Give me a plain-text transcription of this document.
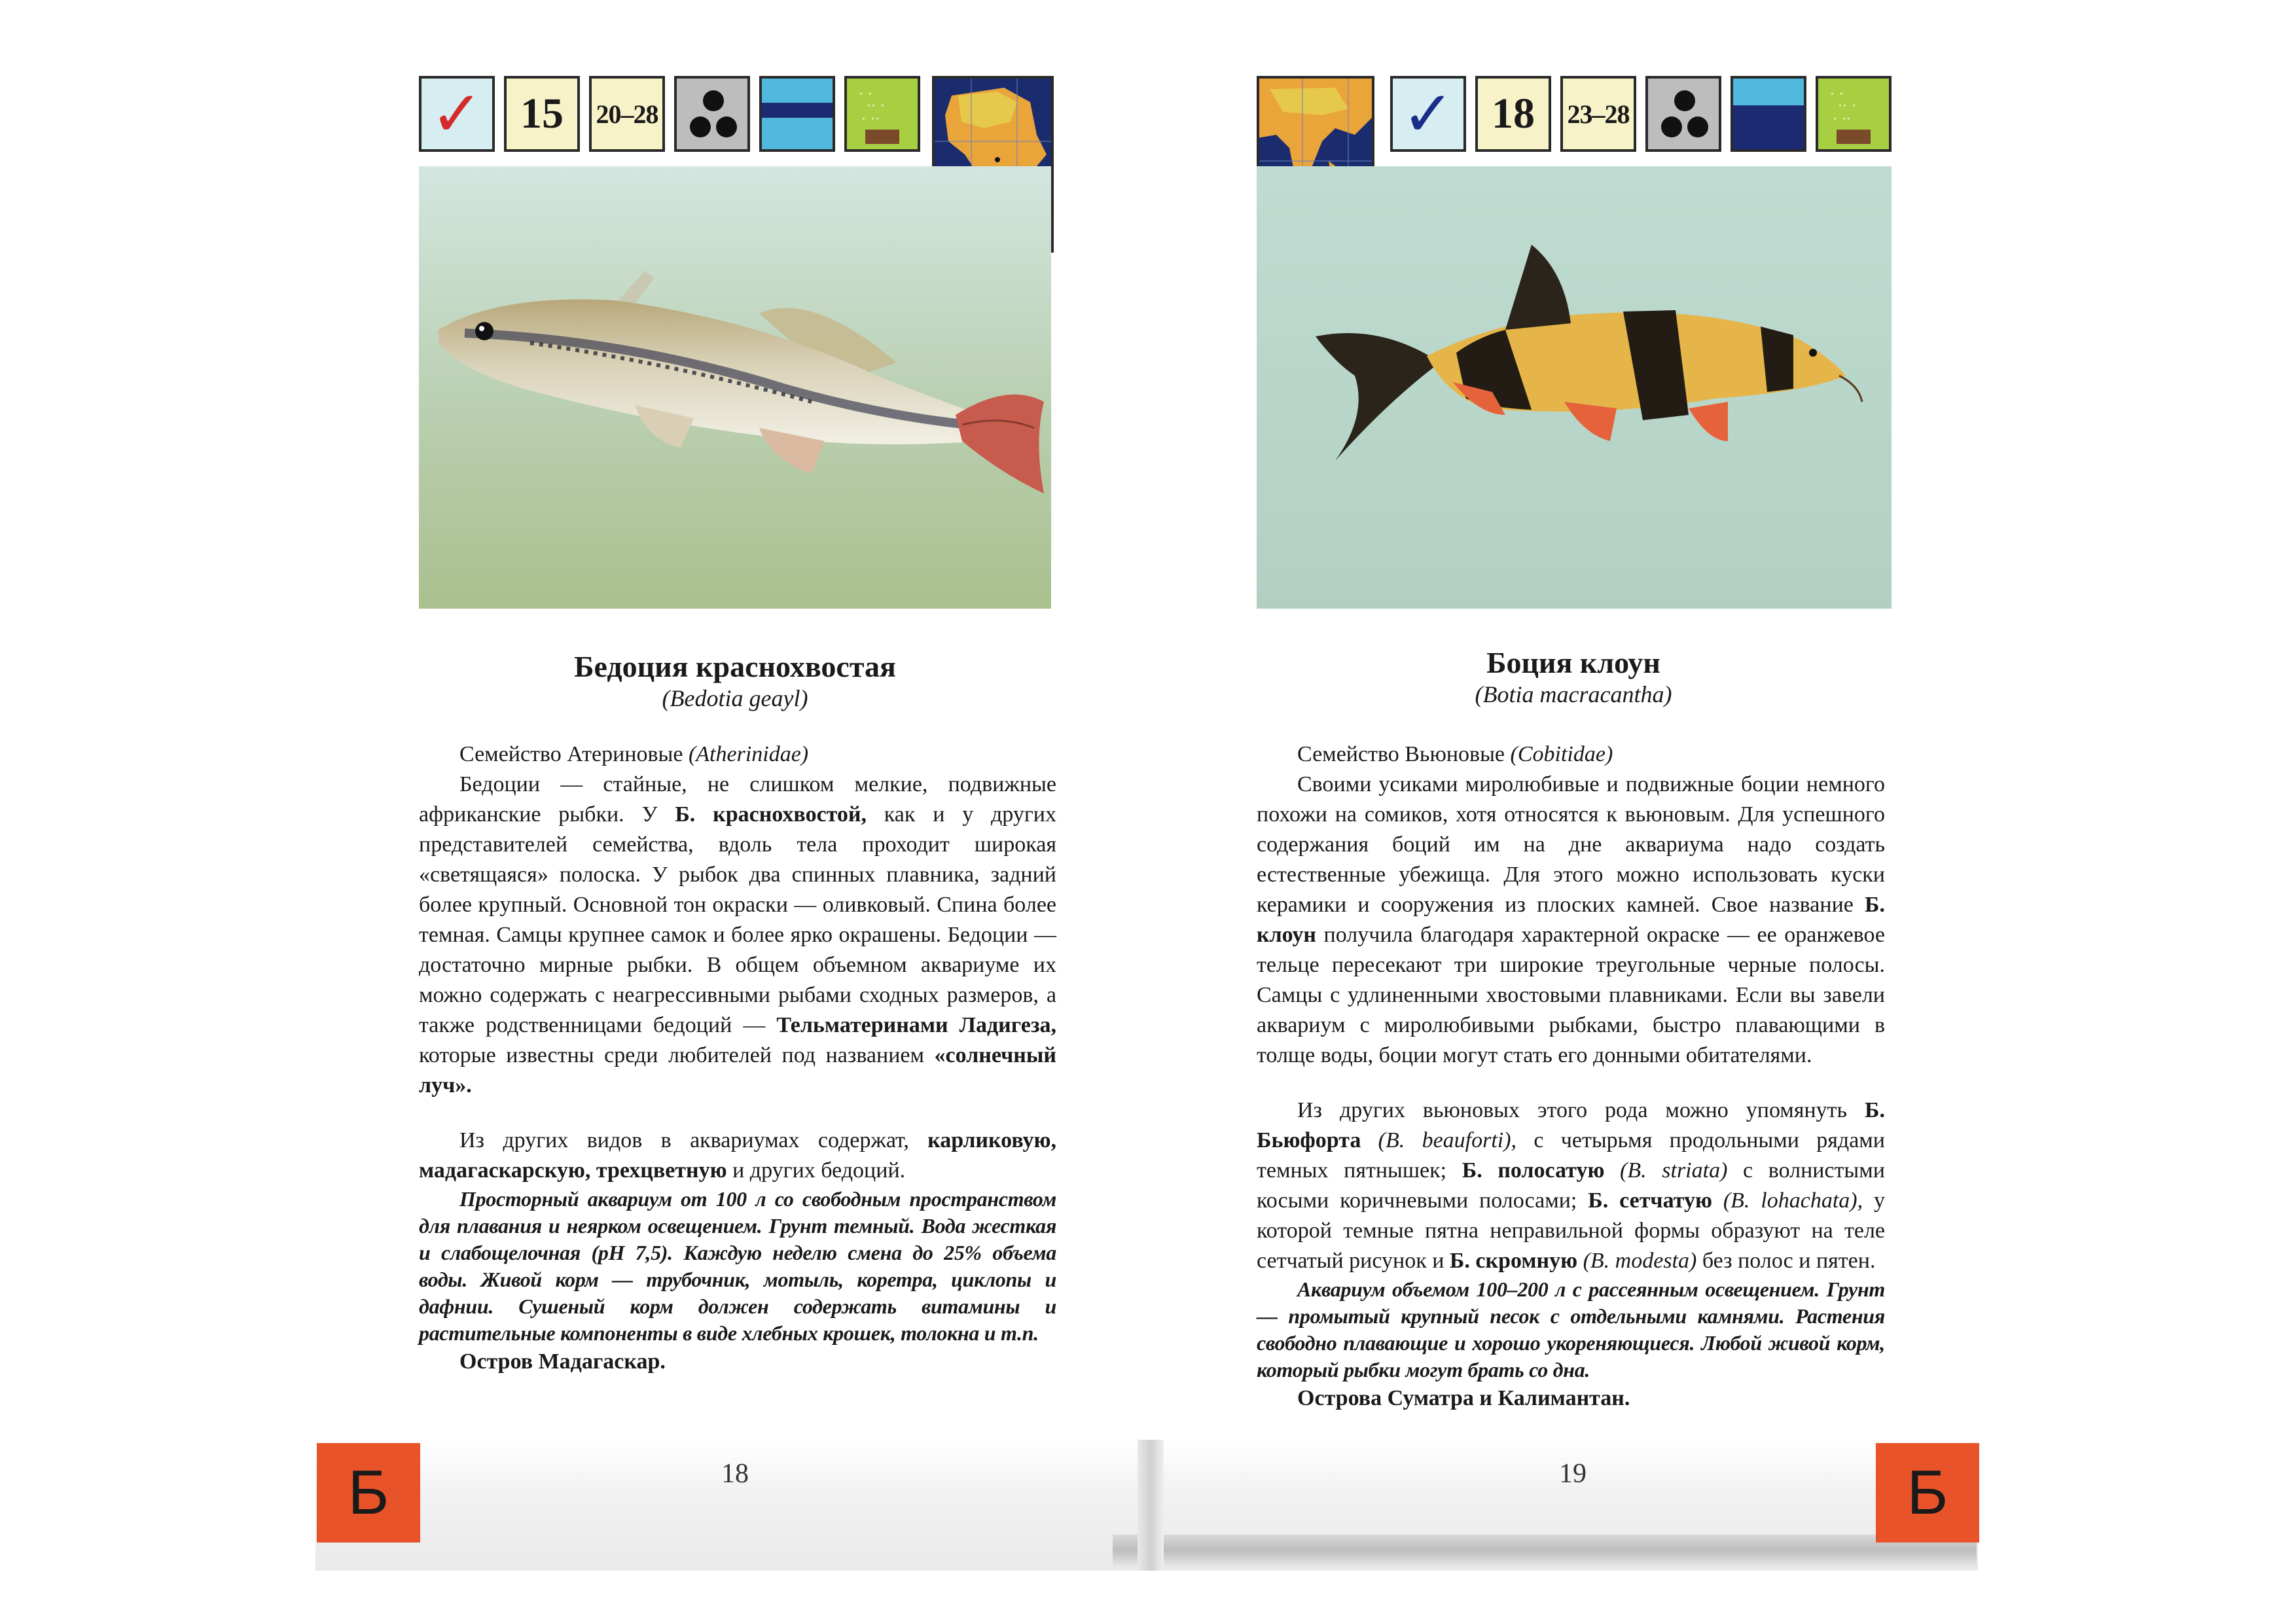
✓ 15 20–28
· ·
·· ·
· ··
Бедоция краснохвостая
(Bedotia geayl)

Семейство Атериновые (Atherinidae)

Бедоции — стайные, не слишком мелкие, подвижные африканские рыбки. У Б. краснохвостой, как и у других представителей семейства, вдоль тела проходит широкая «светящаяся» полоска. У рыбок два спинных плавника, задний более крупный. Основной тон окраски — оливковый. Спина более темная. Самцы крупнее самок и более ярко окрашены. Бедоции — достаточно мирные рыбки. В общем объемном аквариуме их можно содержать с неагрессивными рыбами сходных размеров, а также родственницами бедоций — Тельматеринами Ладигеза, которые известны среди любителей под названием «солнечный луч».

Из других видов в аквариумах содержат, карликовую, мадагаскарскую, трехцветную и других бедоций.

Просторный аквариум от 100 л со свободным пространством для плавания и неярком освещением. Грунт темный. Вода жесткая и слабощелочная (рН 7,5). Каждую неделю смена до 25% объема воды. Живой корм — трубочник, мотыль, коретра, циклопы и дафнии. Сушеный корм должен содержать витамины и растительные компоненты в виде хлебных крошек, толокна и т.п.

Остров Мадагаскар.

Б	18
✓ 18 23–28
· ·
·· ·
· ··
Боция клоун
(Botia macracantha)

Семейство Вьюновые (Cobitidae)

Своими усиками миролюбивые и подвижные боции немного похожи на сомиков, хотя относятся к вьюновым. Для успешного содержания боций им на дне аквариума надо создать естественные убежища. Для этого можно использовать куски керамики и сооружения из плоских камней. Свое название Б. клоун получила благодаря характерной окраске — ее оранжевое тельце пересекают три широкие треугольные черные полосы. Самцы с удлиненными хвостовыми плавниками. Если вы завели аквариум с миролюбивыми рыбками, быстро плавающими в толще воды, боции могут стать его донными обитателями.

Из других вьюновых этого рода можно упомянуть Б. Бьюфорта (B. beauforti), с четырьмя продольными рядами темных пятнышек; Б. полосатую (B. striata) с волнистыми косыми коричневыми полосами; Б. сетчатую (B. lohachata), у которой темные пятна неправильной формы образуют на теле сетчатый рисунок и Б. скромную (B. modesta) без полос и пятен.

Аквариум объемом 100–200 л с рассеянным освещением. Грунт — промытый крупный песок с отдельными камнями. Растения свободно плавающие и хорошо укореняющиеся. Любой живой корм, который рыбки могут брать со дна.

Острова Суматра и Калимантан.

19	Б
